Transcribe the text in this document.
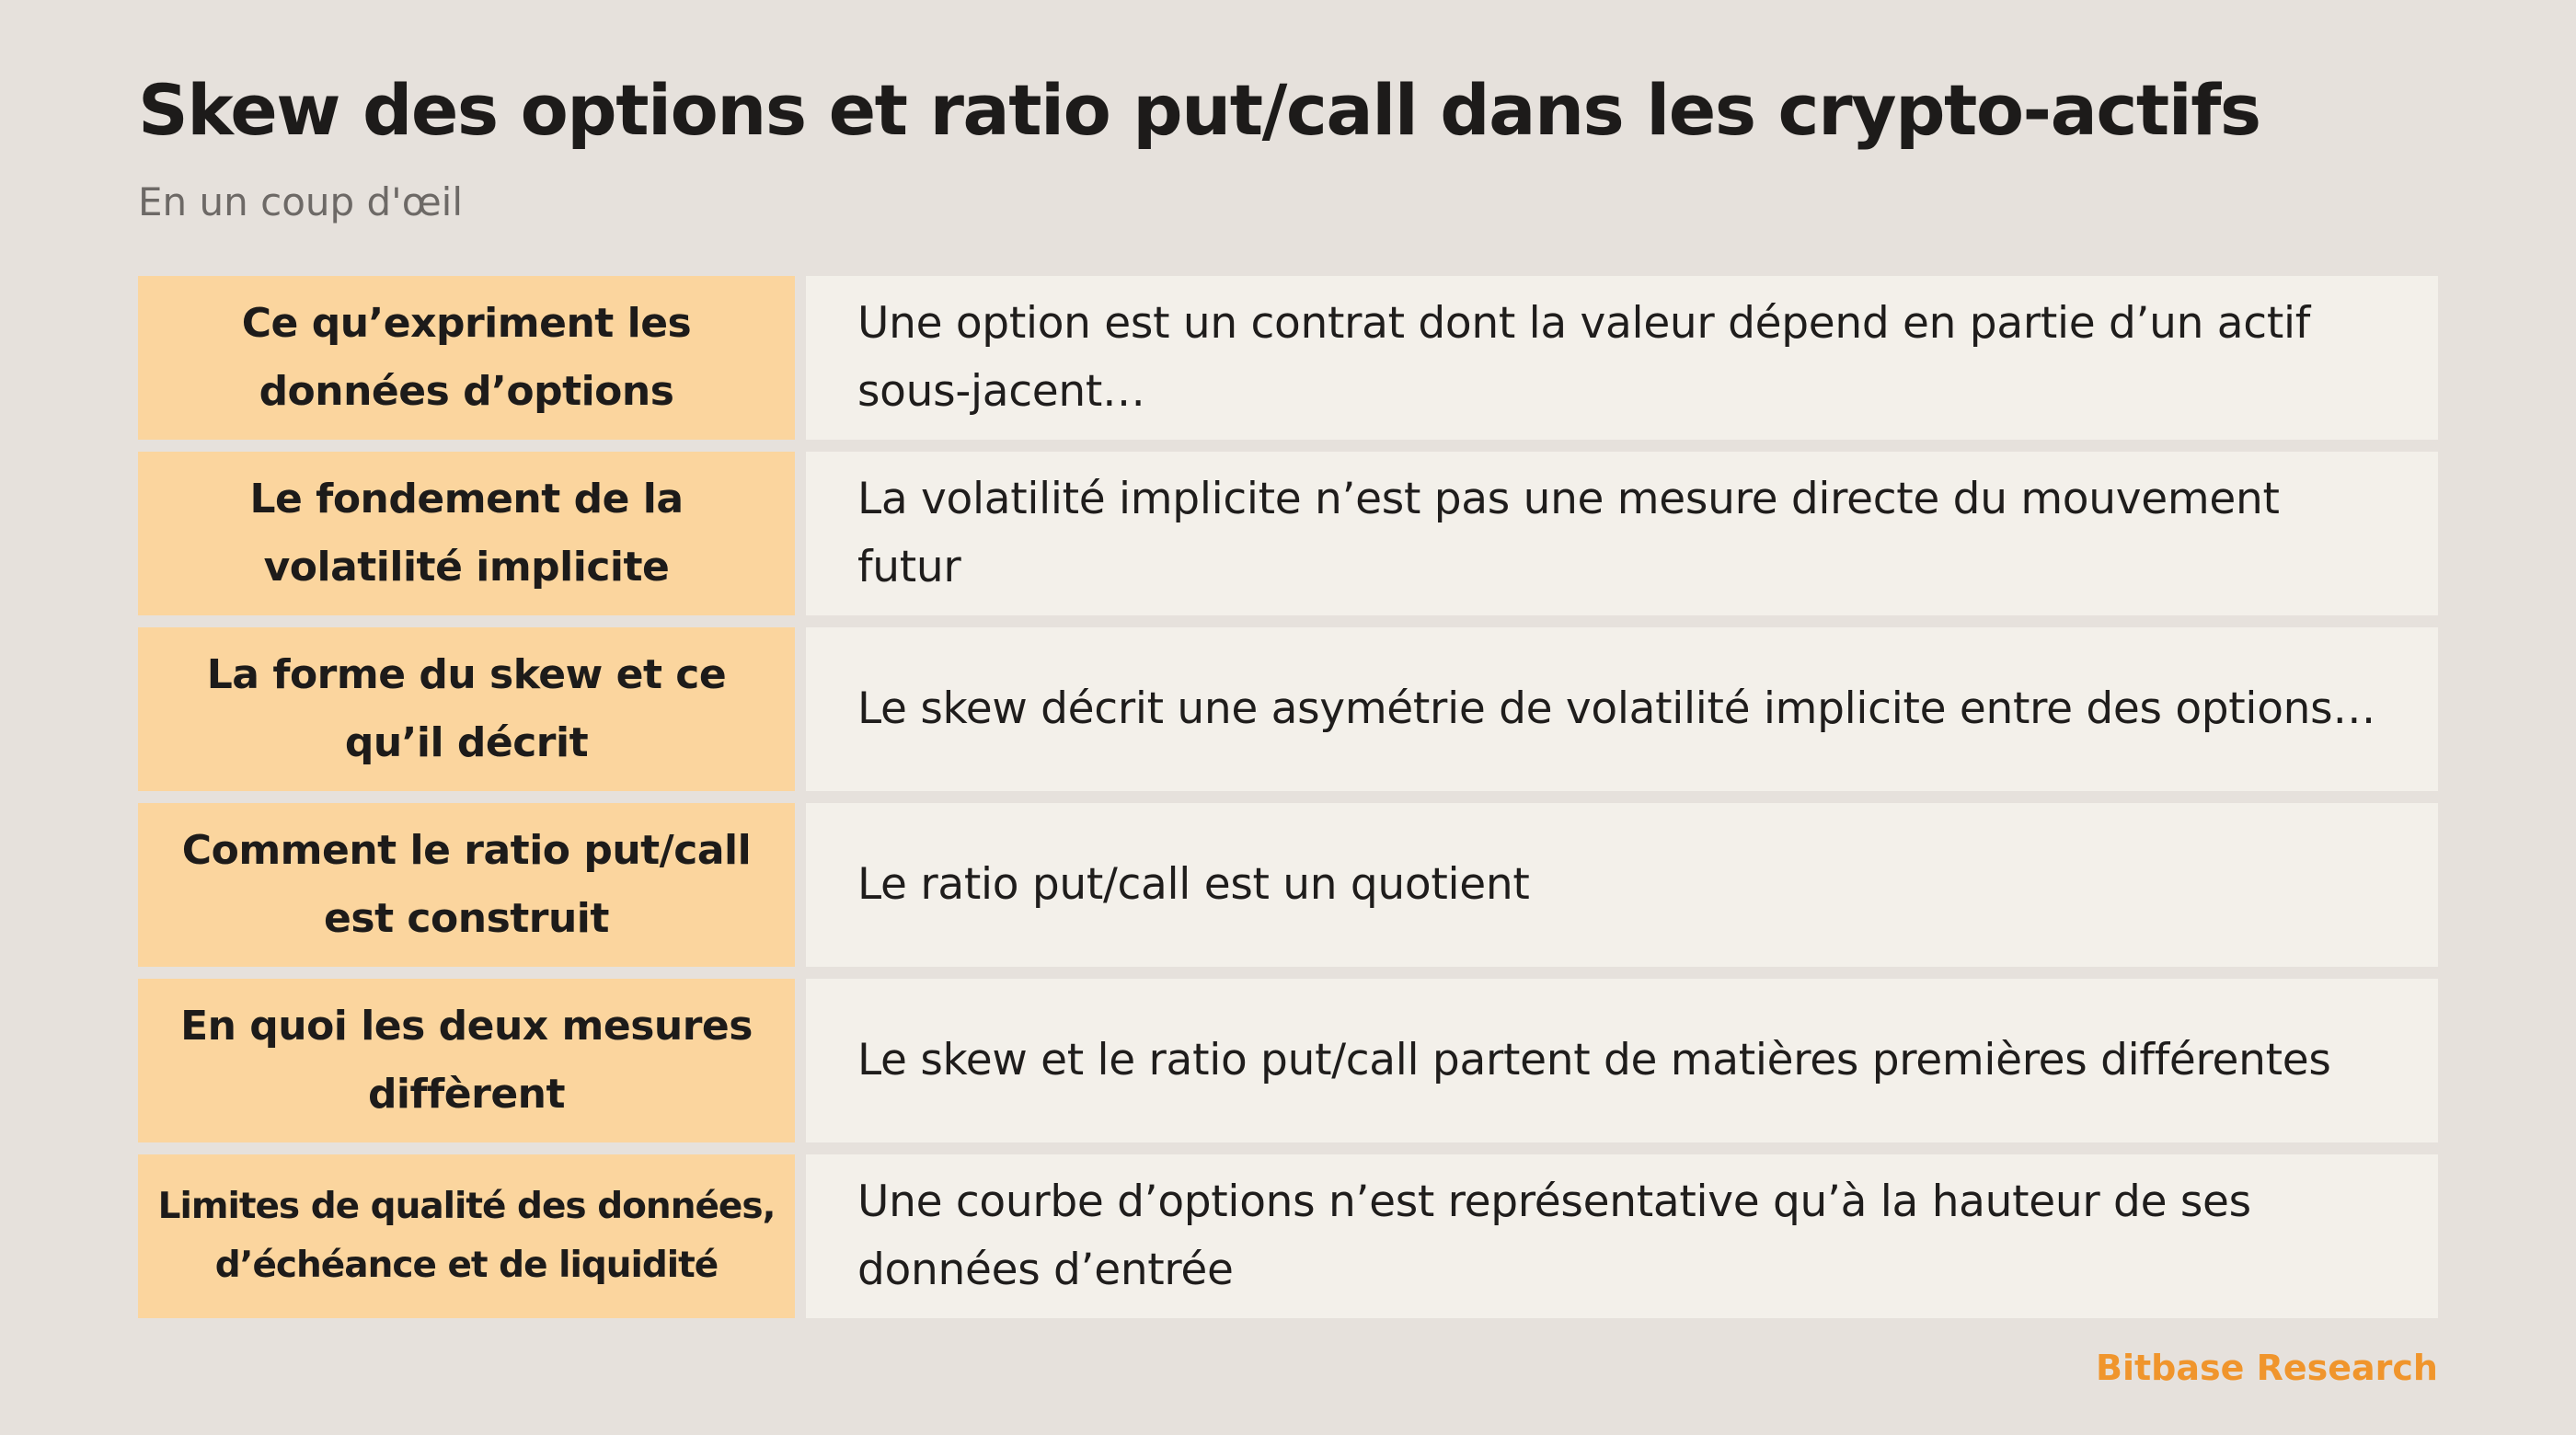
Skew des options et ratio put/call dans les crypto-actifs

En un coup d'œil

Ce qu’expriment les données d’options
Une option est un contrat dont la valeur dépend en partie d’un actif sous-jacent…
Le fondement de la volatilité implicite
La volatilité implicite n’est pas une mesure directe du mouvement futur
La forme du skew et ce qu’il décrit
Le skew décrit une asymétrie de volatilité implicite entre des options…
Comment le ratio put/call est construit
Le ratio put/call est un quotient
En quoi les deux mesures diffèrent
Le skew et le ratio put/call partent de matières premières différentes
Limites de qualité des données, d’échéance et de liquidité
Une courbe d’options n’est représentative qu’à la hauteur de ses données d’entrée

Bitbase Research
